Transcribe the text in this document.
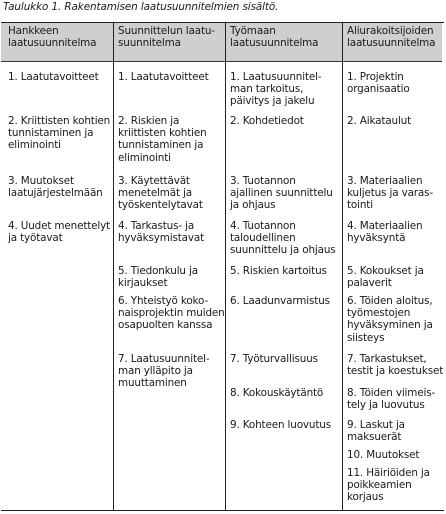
Taulukko 1. Rakentamisen laatusuunnitelmien sisältö.
Hankkeen
laatusuunnitelma
Suunnittelun laatu-
suunnitelma
Työmaan
laatusuunnitelma
Aliurakoitsijoiden
laatusuunnitelma
1. Laatutavoitteet
2. Kriittisten kohtien
tunnistaminen ja
eliminointi
3. Muutokset
laatujärjestelmään
4. Uudet menettelyt
ja työtavat
1. Laatutavoitteet
2. Riskien ja
kriittisten kohtien
tunnistaminen ja
eliminointi
3. Käytettävät
menetelmät ja
työskentelytavat
4. Tarkastus- ja
hyväksymistavat
5. Tiedonkulu ja
kirjaukset
6. Yhteistyö koko-
naisprojektin muiden
osapuolten kanssa
7. Laatusuunnitel-
man ylläpito ja
muuttaminen
1. Laatusuunnitel-
man tarkoitus,
päivitys ja jakelu
2. Kohdetiedot
3. Tuotannon
ajallinen suunnittelu
ja ohjaus
4. Tuotannon
taloudellinen
suunnittelu ja ohjaus
5. Riskien kartoitus
6. Laadunvarmistus
7. Työturvallisuus
8. Kokouskäytäntö
9. Kohteen luovutus
1. Projektin
organisaatio
2. Aikataulut
3. Materiaalien
kuljetus ja varas-
tointi
4. Materiaalien
hyväksyntä
5. Kokoukset ja
palaverit
6. Töiden aloitus,
työmestojen
hyväksyminen ja
siisteys
7. Tarkastukset,
testit ja koestukset
8. Töiden viimeis-
tely ja luovutus
9. Laskut ja
maksuerät
10. Muutokset
11. Häiriöiden ja
poikkeamien
korjaus
